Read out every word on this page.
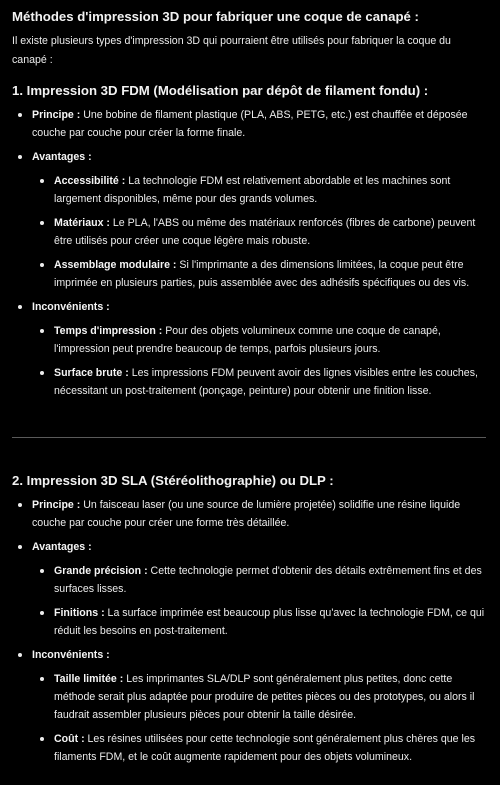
Méthodes d'impression 3D pour fabriquer une coque de canapé :

Il existe plusieurs types d'impression 3D qui pourraient être utilisés pour fabriquer la coque du canapé :

1. Impression 3D FDM (Modélisation par dépôt de filament fondu) :
Principe : Une bobine de filament plastique (PLA, ABS, PETG, etc.) est chauffée et déposée couche par couche pour créer la forme finale.
Avantages :
Accessibilité : La technologie FDM est relativement abordable et les machines sont largement disponibles, même pour des grands volumes.
Matériaux : Le PLA, l'ABS ou même des matériaux renforcés (fibres de carbone) peuvent être utilisés pour créer une coque légère mais robuste.
Assemblage modulaire : Si l'imprimante a des dimensions limitées, la coque peut être imprimée en plusieurs parties, puis assemblée avec des adhésifs spécifiques ou des vis.
Inconvénients :
Temps d'impression : Pour des objets volumineux comme une coque de canapé, l'impression peut prendre beaucoup de temps, parfois plusieurs jours.
Surface brute : Les impressions FDM peuvent avoir des lignes visibles entre les couches, nécessitant un post-traitement (ponçage, peinture) pour obtenir une finition lisse.
2. Impression 3D SLA (Stéréolithographie) ou DLP :
Principe : Un faisceau laser (ou une source de lumière projetée) solidifie une résine liquide couche par couche pour créer une forme très détaillée.
Avantages :
Grande précision : Cette technologie permet d'obtenir des détails extrêmement fins et des surfaces lisses.
Finitions : La surface imprimée est beaucoup plus lisse qu'avec la technologie FDM, ce qui réduit les besoins en post-traitement.
Inconvénients :
Taille limitée : Les imprimantes SLA/DLP sont généralement plus petites, donc cette méthode serait plus adaptée pour produire de petites pièces ou des prototypes, ou alors il faudrait assembler plusieurs pièces pour obtenir la taille désirée.
Coût : Les résines utilisées pour cette technologie sont généralement plus chères que les filaments FDM, et le coût augmente rapidement pour des objets volumineux.
